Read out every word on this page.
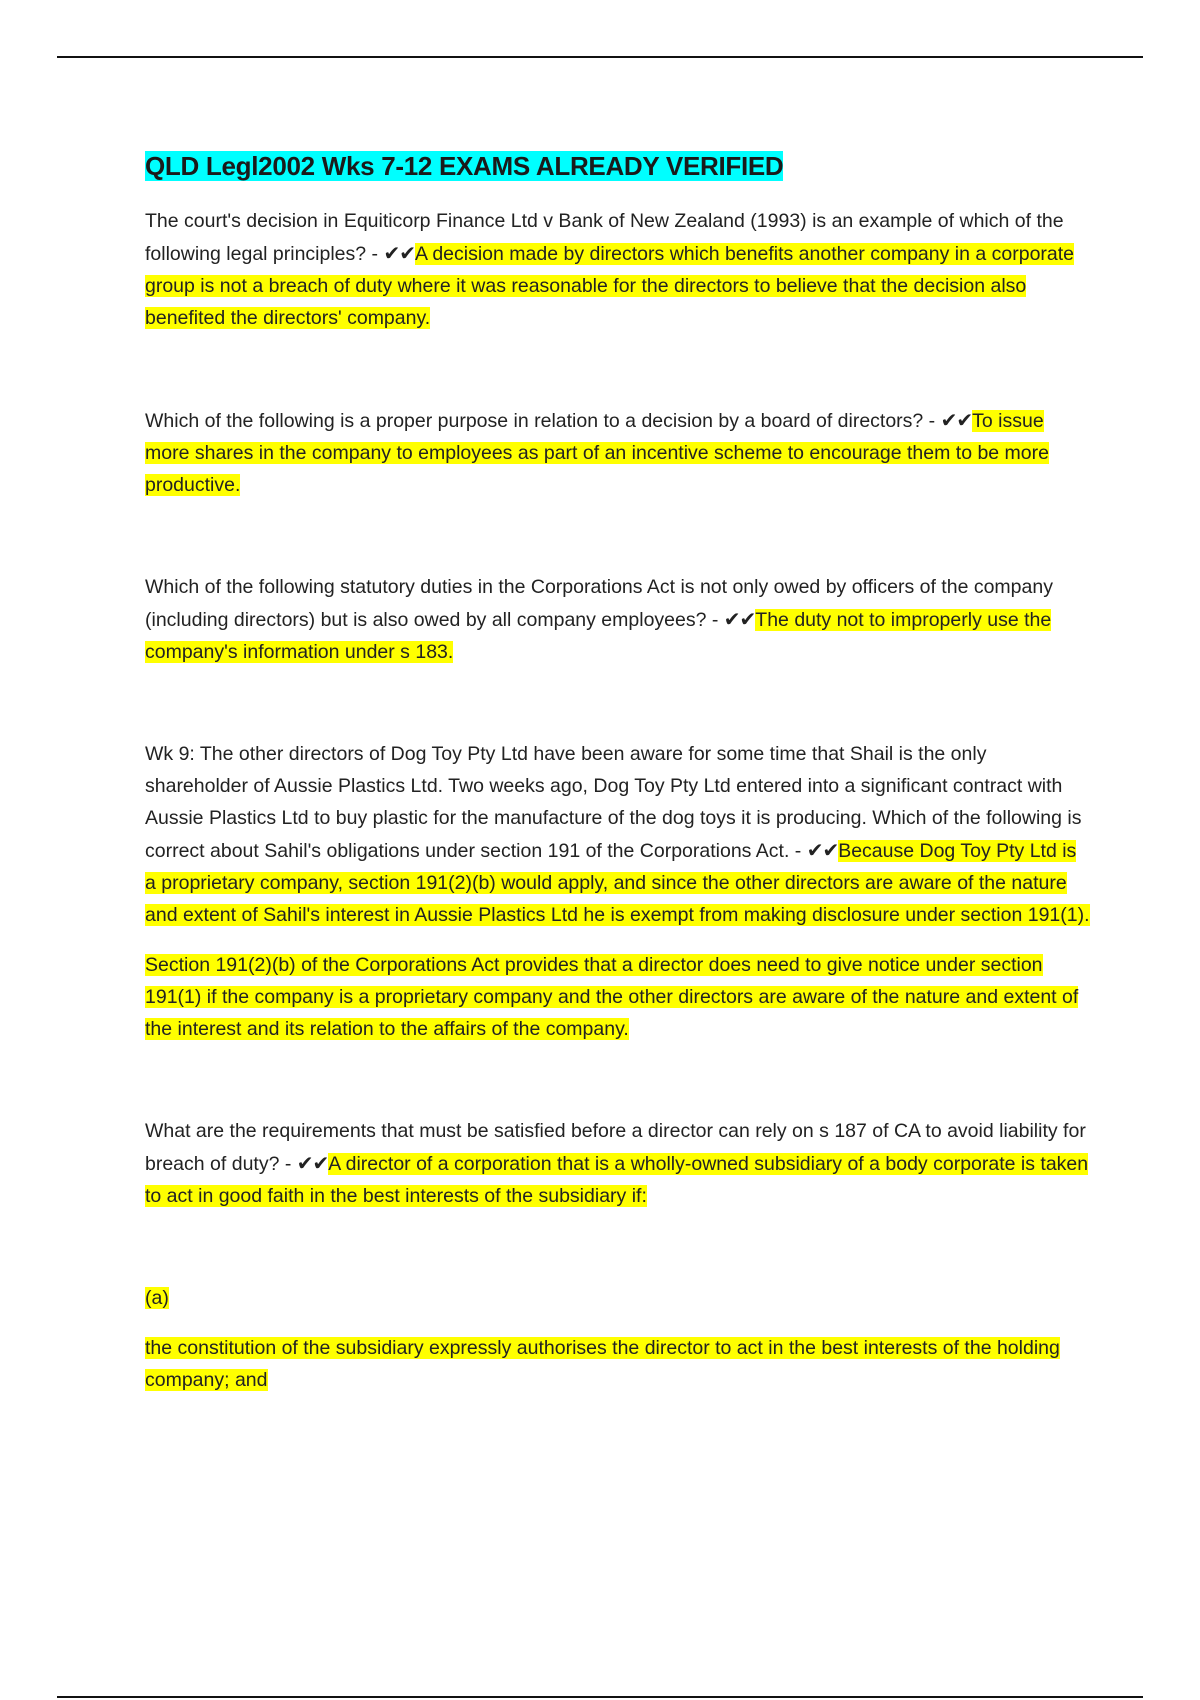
QLD Legl2002 Wks 7-12 EXAMS ALREADY VERIFIED

The court's decision in Equiticorp Finance Ltd v Bank of New Zealand (1993) is an example of which of the following legal principles? - ✔✔A decision made by directors which benefits another company in a corporate group is not a breach of duty where it was reasonable for the directors to believe that the decision also benefited the directors' company.

Which of the following is a proper purpose in relation to a decision by a board of directors? - ✔✔To issue more shares in the company to employees as part of an incentive scheme to encourage them to be more productive.

Which of the following statutory duties in the Corporations Act is not only owed by officers of the company (including directors) but is also owed by all company employees? - ✔✔The duty not to improperly use the company's information under s 183.

Wk 9: The other directors of Dog Toy Pty Ltd have been aware for some time that Shail is the only shareholder of Aussie Plastics Ltd. Two weeks ago, Dog Toy Pty Ltd entered into a significant contract with Aussie Plastics Ltd to buy plastic for the manufacture of the dog toys it is producing. Which of the following is correct about Sahil's obligations under section 191 of the Corporations Act. - ✔✔Because Dog Toy Pty Ltd is a proprietary company, section 191(2)(b) would apply, and since the other directors are aware of the nature and extent of Sahil's interest in Aussie Plastics Ltd he is exempt from making disclosure under section 191(1).

Section 191(2)(b) of the Corporations Act provides that a director does need to give notice under section 191(1) if the company is a proprietary company and the other directors are aware of the nature and extent of the interest and its relation to the affairs of the company.

What are the requirements that must be satisfied before a director can rely on s 187 of CA to avoid liability for breach of duty? - ✔✔A director of a corporation that is a wholly-owned subsidiary of a body corporate is taken to act in good faith in the best interests of the subsidiary if:

(a)

the constitution of the subsidiary expressly authorises the director to act in the best interests of the holding company; and
